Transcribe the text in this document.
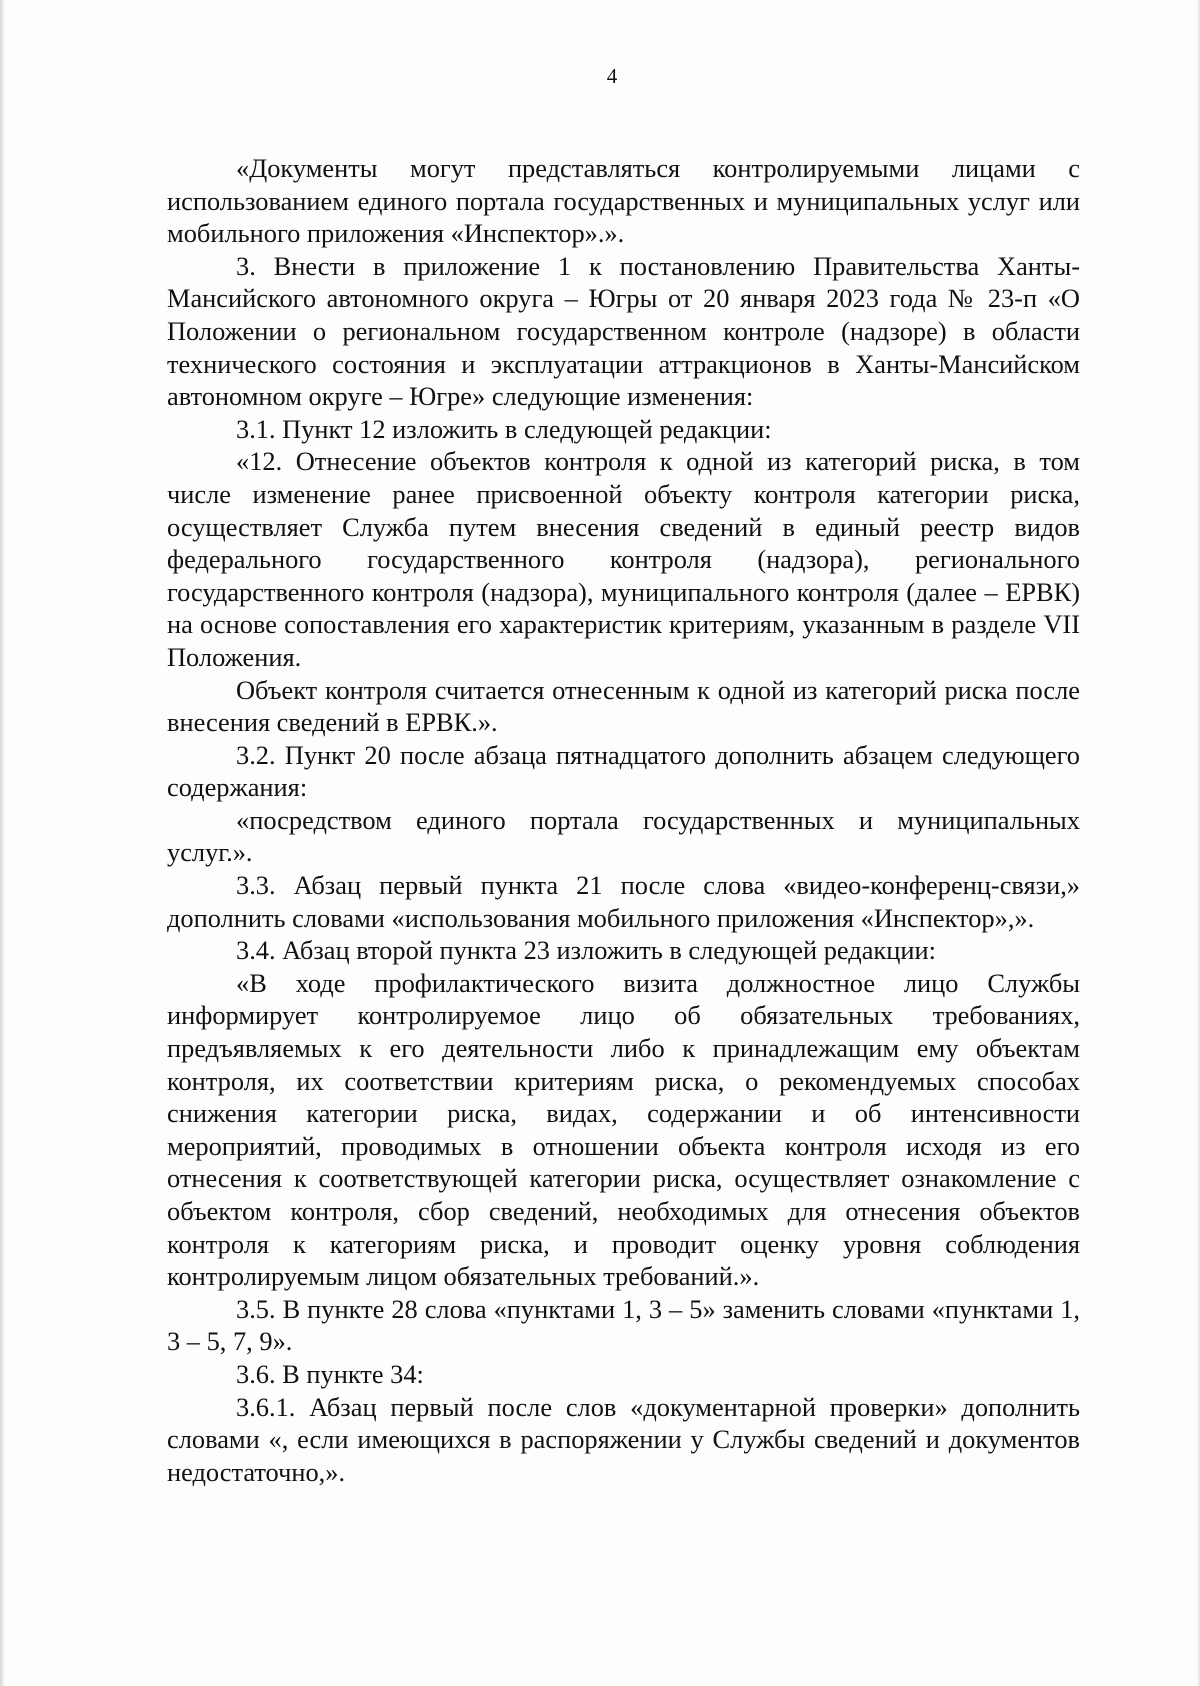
4

«Документы могут представляться контролируемыми лицами с использованием единого портала государственных и муниципальных услуг или мобильного приложения «Инспектор».».

3. Внести в приложение 1 к постановлению Правительства Ханты-Мансийского автономного округа – Югры от 20 января 2023 года № 23-п «О Положении о региональном государственном контроле (надзоре) в области технического состояния и эксплуатации аттракционов в Ханты-Мансийском автономном округе – Югре» следующие изменения:

3.1. Пункт 12 изложить в следующей редакции:

«12. Отнесение объектов контроля к одной из категорий риска, в том числе изменение ранее присвоенной объекту контроля категории риска, осуществляет Служба путем внесения сведений в единый реестр видов федерального государственного контроля (надзора), регионального государственного контроля (надзора), муниципального контроля (далее – ЕРВК) на основе сопоставления его характеристик критериям, указанным в разделе VII Положения.

Объект контроля считается отнесенным к одной из категорий риска после внесения сведений в ЕРВК.».

3.2. Пункт 20 после абзаца пятнадцатого дополнить абзацем следующего содержания:

«посредством единого портала государственных и муниципальных услуг.».

3.3. Абзац первый пункта 21 после слова «видео-конференц-связи,» дополнить словами «использования мобильного приложения «Инспектор»,».

3.4. Абзац второй пункта 23 изложить в следующей редакции:

«В ходе профилактического визита должностное лицо Службы информирует контролируемое лицо об обязательных требованиях, предъявляемых к его деятельности либо к принадлежащим ему объектам контроля, их соответствии критериям риска, о рекомендуемых способах снижения категории риска, видах, содержании и об интенсивности мероприятий, проводимых в отношении объекта контроля исходя из его отнесения к соответствующей категории риска, осуществляет ознакомление с объектом контроля, сбор сведений, необходимых для отнесения объектов контроля к категориям риска, и проводит оценку уровня соблюдения контролируемым лицом обязательных требований.».

3.5. В пункте 28 слова «пунктами 1, 3 – 5» заменить словами «пунктами 1, 3 – 5, 7, 9».

3.6. В пункте 34:

3.6.1. Абзац первый после слов «документарной проверки» дополнить словами «, если имеющихся в распоряжении у Службы сведений и документов недостаточно,».
